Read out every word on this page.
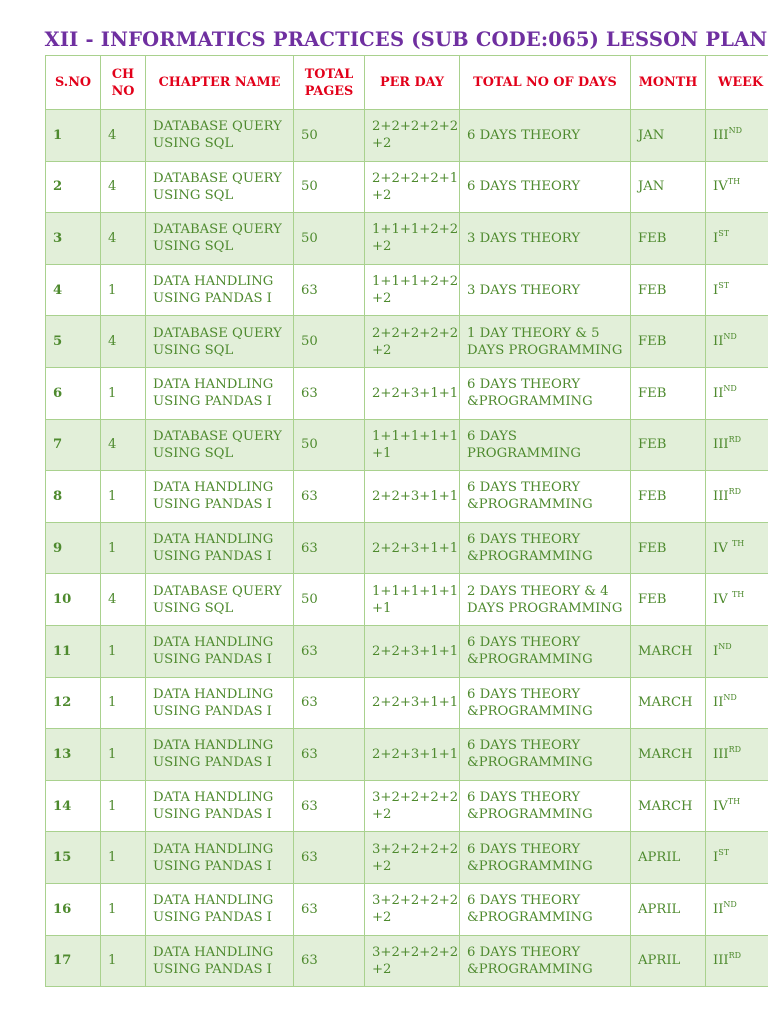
XII - INFORMATICS PRACTICES (SUB CODE:065) LESSON PLAN
S.NO	CH NO	CHAPTER NAME	TOTAL PAGES	PER DAY	TOTAL NO OF DAYS	MONTH	WEEK
1	4	DATABASE QUERY USING SQL	50	2+2+2+2+2 +2	6 DAYS THEORY	JAN	IIIND
2	4	DATABASE QUERY USING SQL	50	2+2+2+2+1 +2	6 DAYS THEORY	JAN	IVTH
3	4	DATABASE QUERY USING SQL	50	1+1+1+2+2 +2	3 DAYS THEORY	FEB	IST
4	1	DATA HANDLING USING PANDAS I	63	1+1+1+2+2 +2	3 DAYS THEORY	FEB	IST
5	4	DATABASE QUERY USING SQL	50	2+2+2+2+2 +2	1 DAY THEORY & 5 DAYS PROGRAMMING	FEB	IIND
6	1	DATA HANDLING USING PANDAS I	63	2+2+3+1+1	6 DAYS THEORY &PROGRAMMING	FEB	IIND
7	4	DATABASE QUERY USING SQL	50	1+1+1+1+1 +1	6 DAYS PROGRAMMING	FEB	IIIRD
8	1	DATA HANDLING USING PANDAS I	63	2+2+3+1+1	6 DAYS THEORY &PROGRAMMING	FEB	IIIRD
9	1	DATA HANDLING USING PANDAS I	63	2+2+3+1+1	6 DAYS THEORY &PROGRAMMING	FEB	IV $^{TH}$
10	4	DATABASE QUERY USING SQL	50	1+1+1+1+1 +1	2 DAYS THEORY & 4 DAYS PROGRAMMING	FEB	IV $^{TH}$
11	1	DATA HANDLING USING PANDAS I	63	2+2+3+1+1	6 DAYS THEORY &PROGRAMMING	MARCH	IND
12	1	DATA HANDLING USING PANDAS I	63	2+2+3+1+1	6 DAYS THEORY &PROGRAMMING	MARCH	IIND
13	1	DATA HANDLING USING PANDAS I	63	2+2+3+1+1	6 DAYS THEORY &PROGRAMMING	MARCH	IIIRD
14	1	DATA HANDLING USING PANDAS I	63	3+2+2+2+2 +2	6 DAYS THEORY &PROGRAMMING	MARCH	IVTH
15	1	DATA HANDLING USING PANDAS I	63	3+2+2+2+2 +2	6 DAYS THEORY &PROGRAMMING	APRIL	IST
16	1	DATA HANDLING USING PANDAS I	63	3+2+2+2+2 +2	6 DAYS THEORY &PROGRAMMING	APRIL	IIND
17	1	DATA HANDLING USING PANDAS I	63	3+2+2+2+2 +2	6 DAYS THEORY &PROGRAMMING	APRIL	IIIRD
